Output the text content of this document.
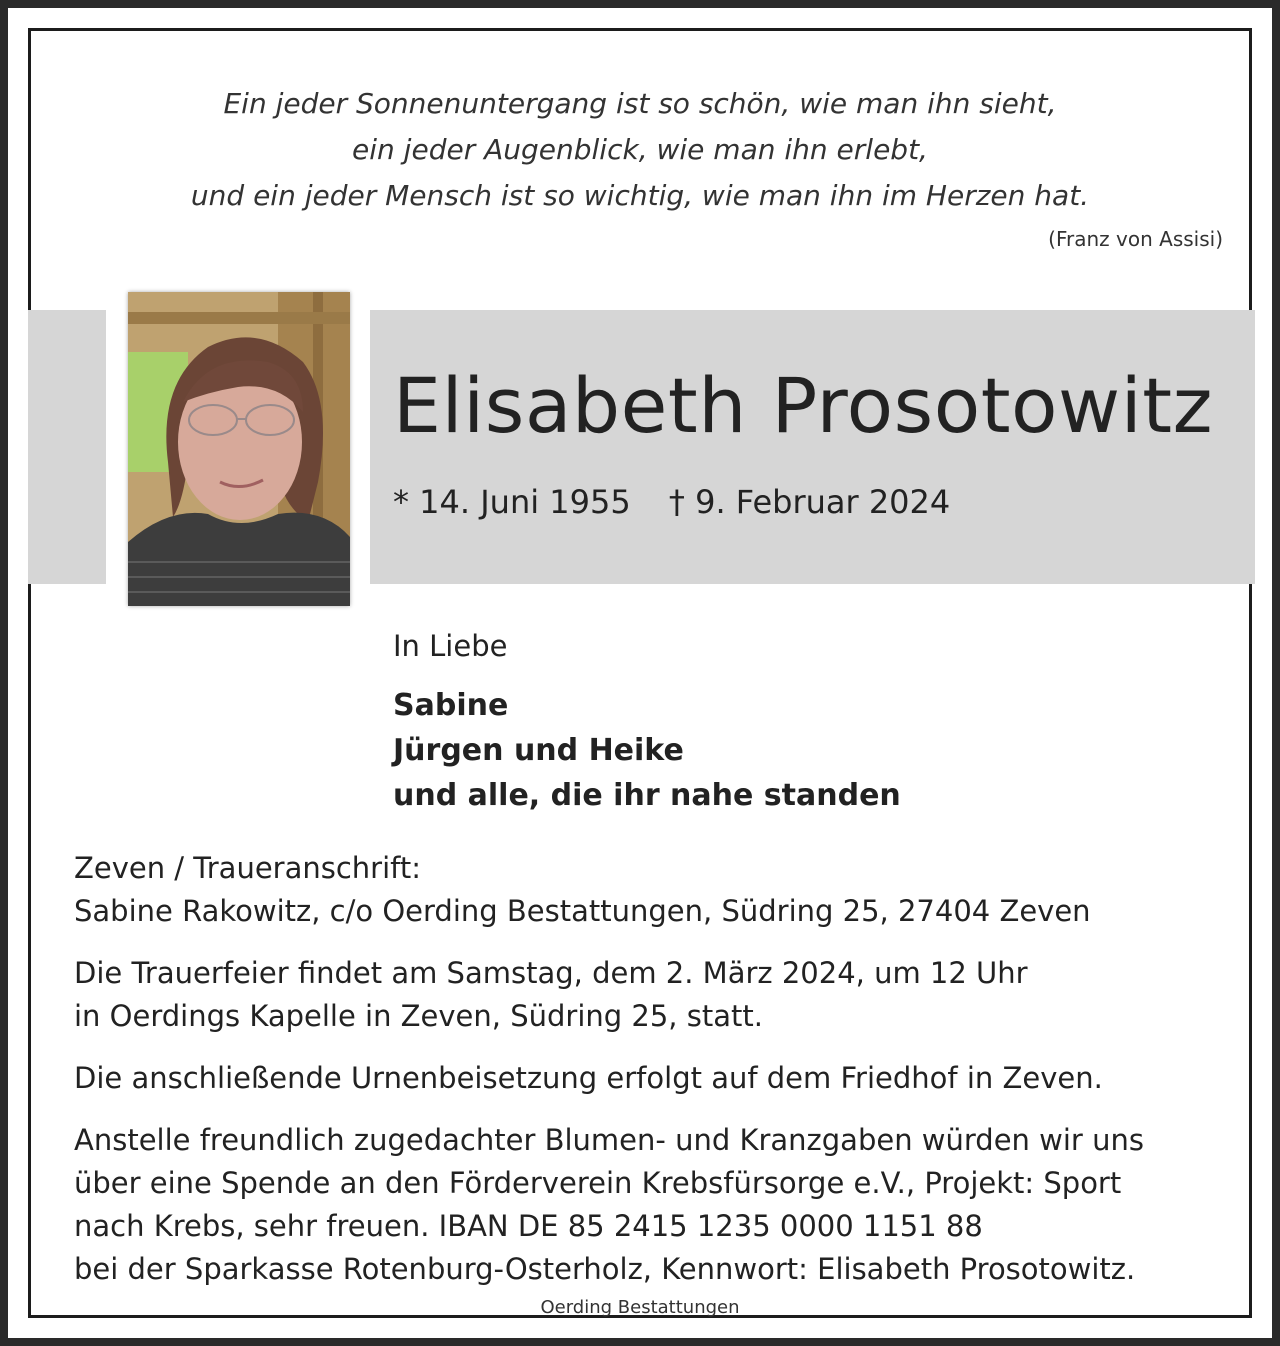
Ein jeder Sonnenuntergang ist so schön, wie man ihn sieht,
ein jeder Augenblick, wie man ihn erlebt,
und ein jeder Mensch ist so wichtig, wie man ihn im Herzen hat.
(Franz von Assisi)
Elisabeth Prosotowitz
* 14. Juni 1955 † 9. Februar 2024
In Liebe
Sabine
Jürgen und Heike
und alle, die ihr nahe standen
Zeven / Traueranschrift:
Sabine Rakowitz, c/o Oerding Bestattungen, Südring 25, 27404 Zeven
Die Trauerfeier findet am Samstag, dem 2. März 2024, um 12 Uhr
in Oerdings Kapelle in Zeven, Südring 25, statt.
Die anschließende Urnenbeisetzung erfolgt auf dem Friedhof in Zeven.
Anstelle freundlich zugedachter Blumen- und Kranzgaben würden wir uns
über eine Spende an den Förderverein Krebsfürsorge e.V., Projekt: Sport
nach Krebs, sehr freuen. IBAN DE 85 2415 1235 0000 1151 88
bei der Sparkasse Rotenburg-Osterholz, Kennwort: Elisabeth Prosotowitz.
Oerding Bestattungen
